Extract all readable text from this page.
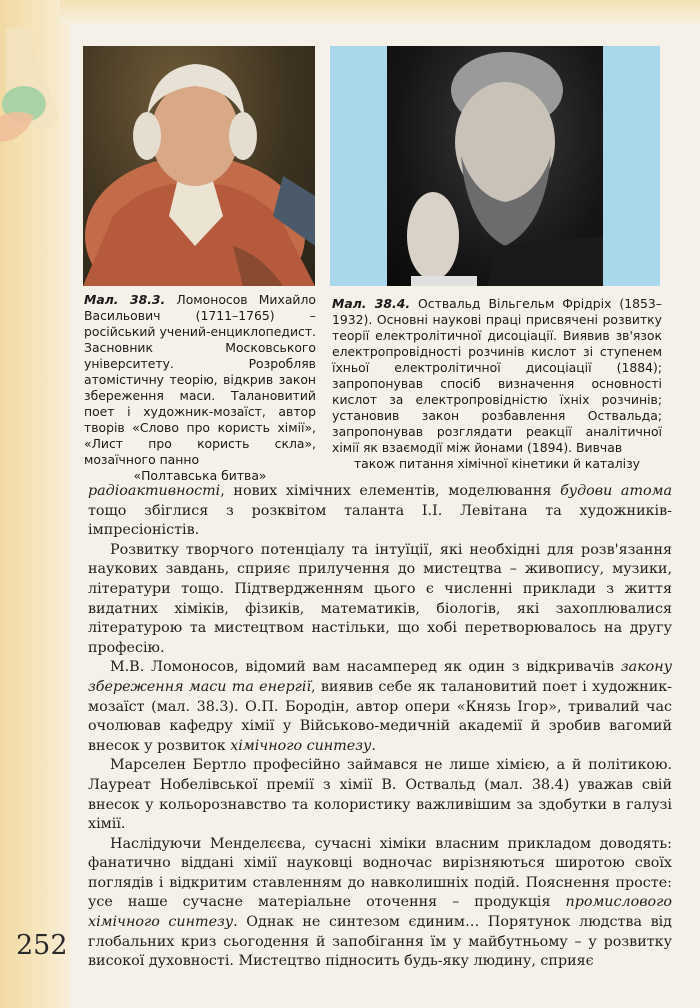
Мал. 38.3. Ломоносов Михайло Васильович (1711–1765) – російський учений-енциклопедист. Засновник Московського університету. Розробляв атомістичну теорію, відкрив закон збереження маси. Талановитий поет і художник-мозаїст, автор творів «Слово про користь хімії», «Лист про користь скла», мозаїчного панно
«Полтавська битва»
Мал. 38.4. Оствальд Вільгельм Фрідріх (1853–1932). Основні наукові праці присвячені розвитку теорії електролітичної дисоціації. Виявив зв'язок електропровідності розчинів кислот зі ступенем їхньої електролітичної дисоціації (1884); запропонував спосіб визначення основності кислот за електропровідністю їхніх розчинів; установив закон розбавлення Оствальда; запропонував розглядати реакції аналітичної хімії як взаємодії між йонами (1894). Вивчав
також питання хімічної кінетики й каталізу

радіоактивності, нових хімічних елементів, моделювання будови атома тощо збіглися з розквітом таланта І.І. Левітана та художників-імпресіоністів.

Розвитку творчого потенціалу та інтуїції, які необхідні для розв'язання наукових завдань, сприяє прилучення до мистецтва – живопису, музики, літератури тощо. Підтвердженням цього є численні приклади з життя видатних хіміків, фізиків, математиків, біологів, які захоплювалися літературою та мистецтвом настільки, що хобі перетворювалось на другу професію.

М.В. Ломоносов, відомий вам насамперед як один з відкривачів закону збереження маси та енергії, виявив себе як талановитий поет і художник-мозаїст (мал. 38.3). О.П. Бородін, автор опери «Князь Ігор», тривалий час очолював кафедру хімії у Військово-медичній академії й зробив вагомий внесок у розвиток хімічного синтезу.

Марселен Бертло професійно займався не лише хімією, а й політикою. Лауреат Нобелівської премії з хімії В. Оствальд (мал. 38.4) уважав свій внесок у кольорознавство та колористику важливішим за здобутки в галузі хімії.

Наслідуючи Менделєєва, сучасні хіміки власним прикладом доводять: фанатично віддані хімії науковці водночас вирізняються широтою своїх поглядів і відкритим ставленням до навколишніх подій. Пояснення просте: усе наше сучасне матеріальне оточення – продукція промислового хімічного синтезу. Однак не синтезом єдиним… Порятунок людства від глобальних криз сьогодення й запобігання їм у майбутньому – у розвитку високої духовності. Мистецтво підносить будь-яку людину, сприяє

252
